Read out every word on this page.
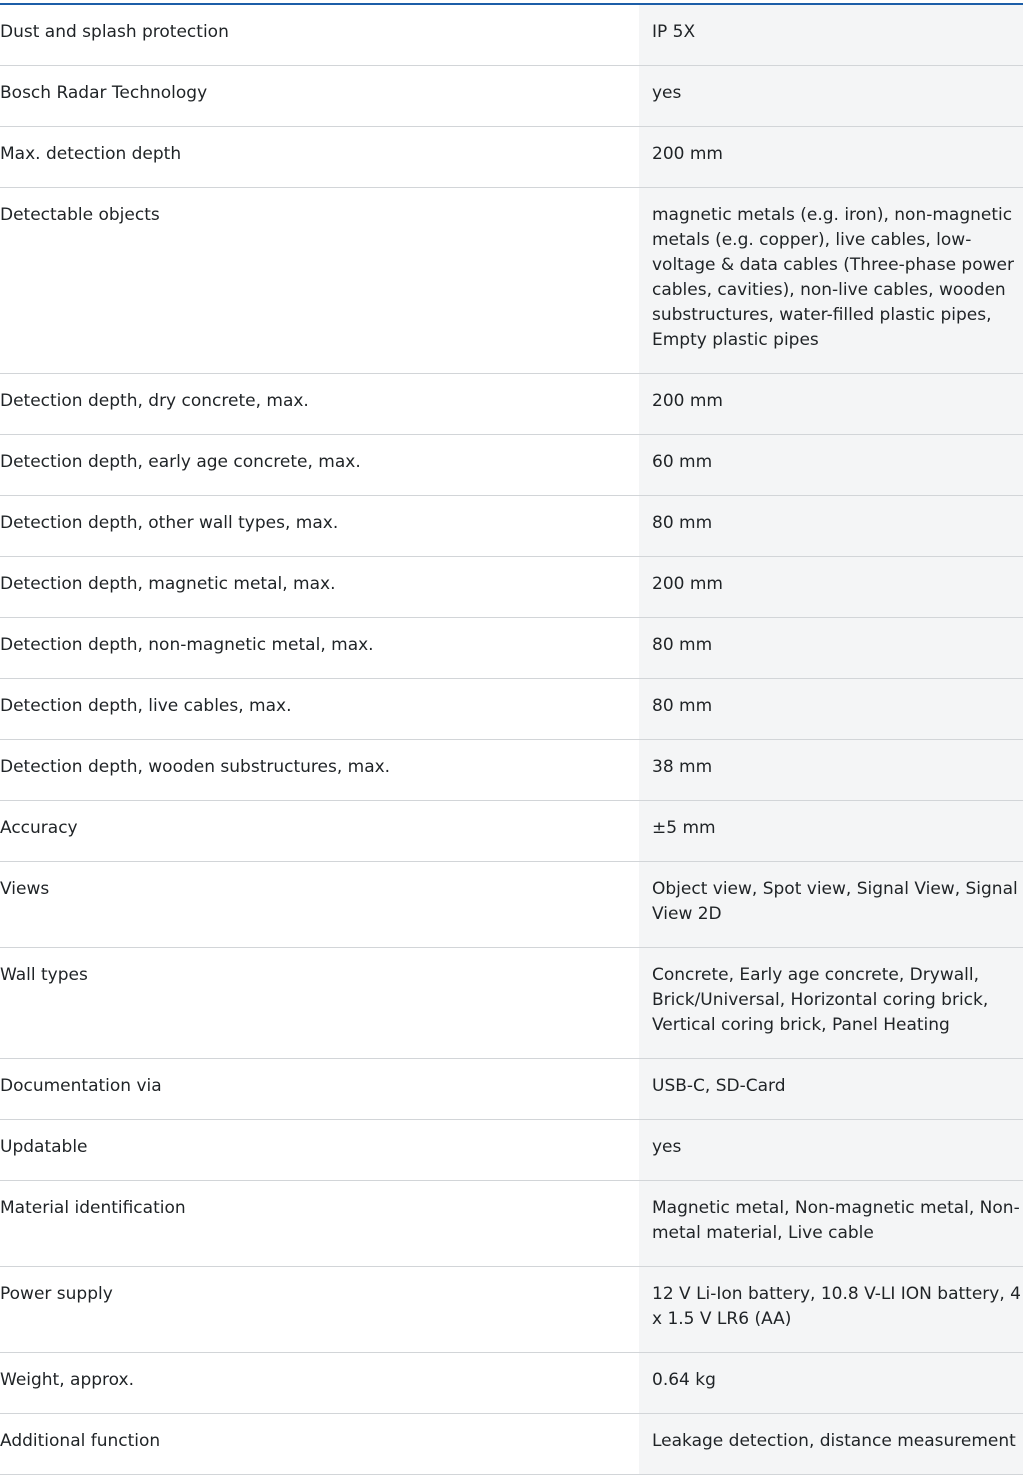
Dust and splash protection	IP 5X
Bosch Radar Technology	yes
Max. detection depth	200 mm
Detectable objects	magnetic metals (e.g. iron), non-magnetic metals (e.g. copper), live cables, low-voltage & data cables (Three-phase power cables, cavities), non-live cables, wooden substructures, water-filled plastic pipes, Empty plastic pipes
Detection depth, dry concrete, max.	200 mm
Detection depth, early age concrete, max.	60 mm
Detection depth, other wall types, max.	80 mm
Detection depth, magnetic metal, max.	200 mm
Detection depth, non-magnetic metal, max.	80 mm
Detection depth, live cables, max.	80 mm
Detection depth, wooden substructures, max.	38 mm
Accuracy	±5 mm
Views	Object view, Spot view, Signal View, Signal View 2D
Wall types	Concrete, Early age concrete, Drywall, Brick/Universal, Horizontal coring brick, Vertical coring brick, Panel Heating
Documentation via	USB-C, SD-Card
Updatable	yes
Material identification	Magnetic metal, Non-magnetic metal, Non-metal material, Live cable
Power supply	12 V Li-Ion battery, 10.8 V-LI ION battery, 4 x 1.5 V LR6 (AA)
Weight, approx.	0.64 kg
Additional function	Leakage detection, distance measurement
